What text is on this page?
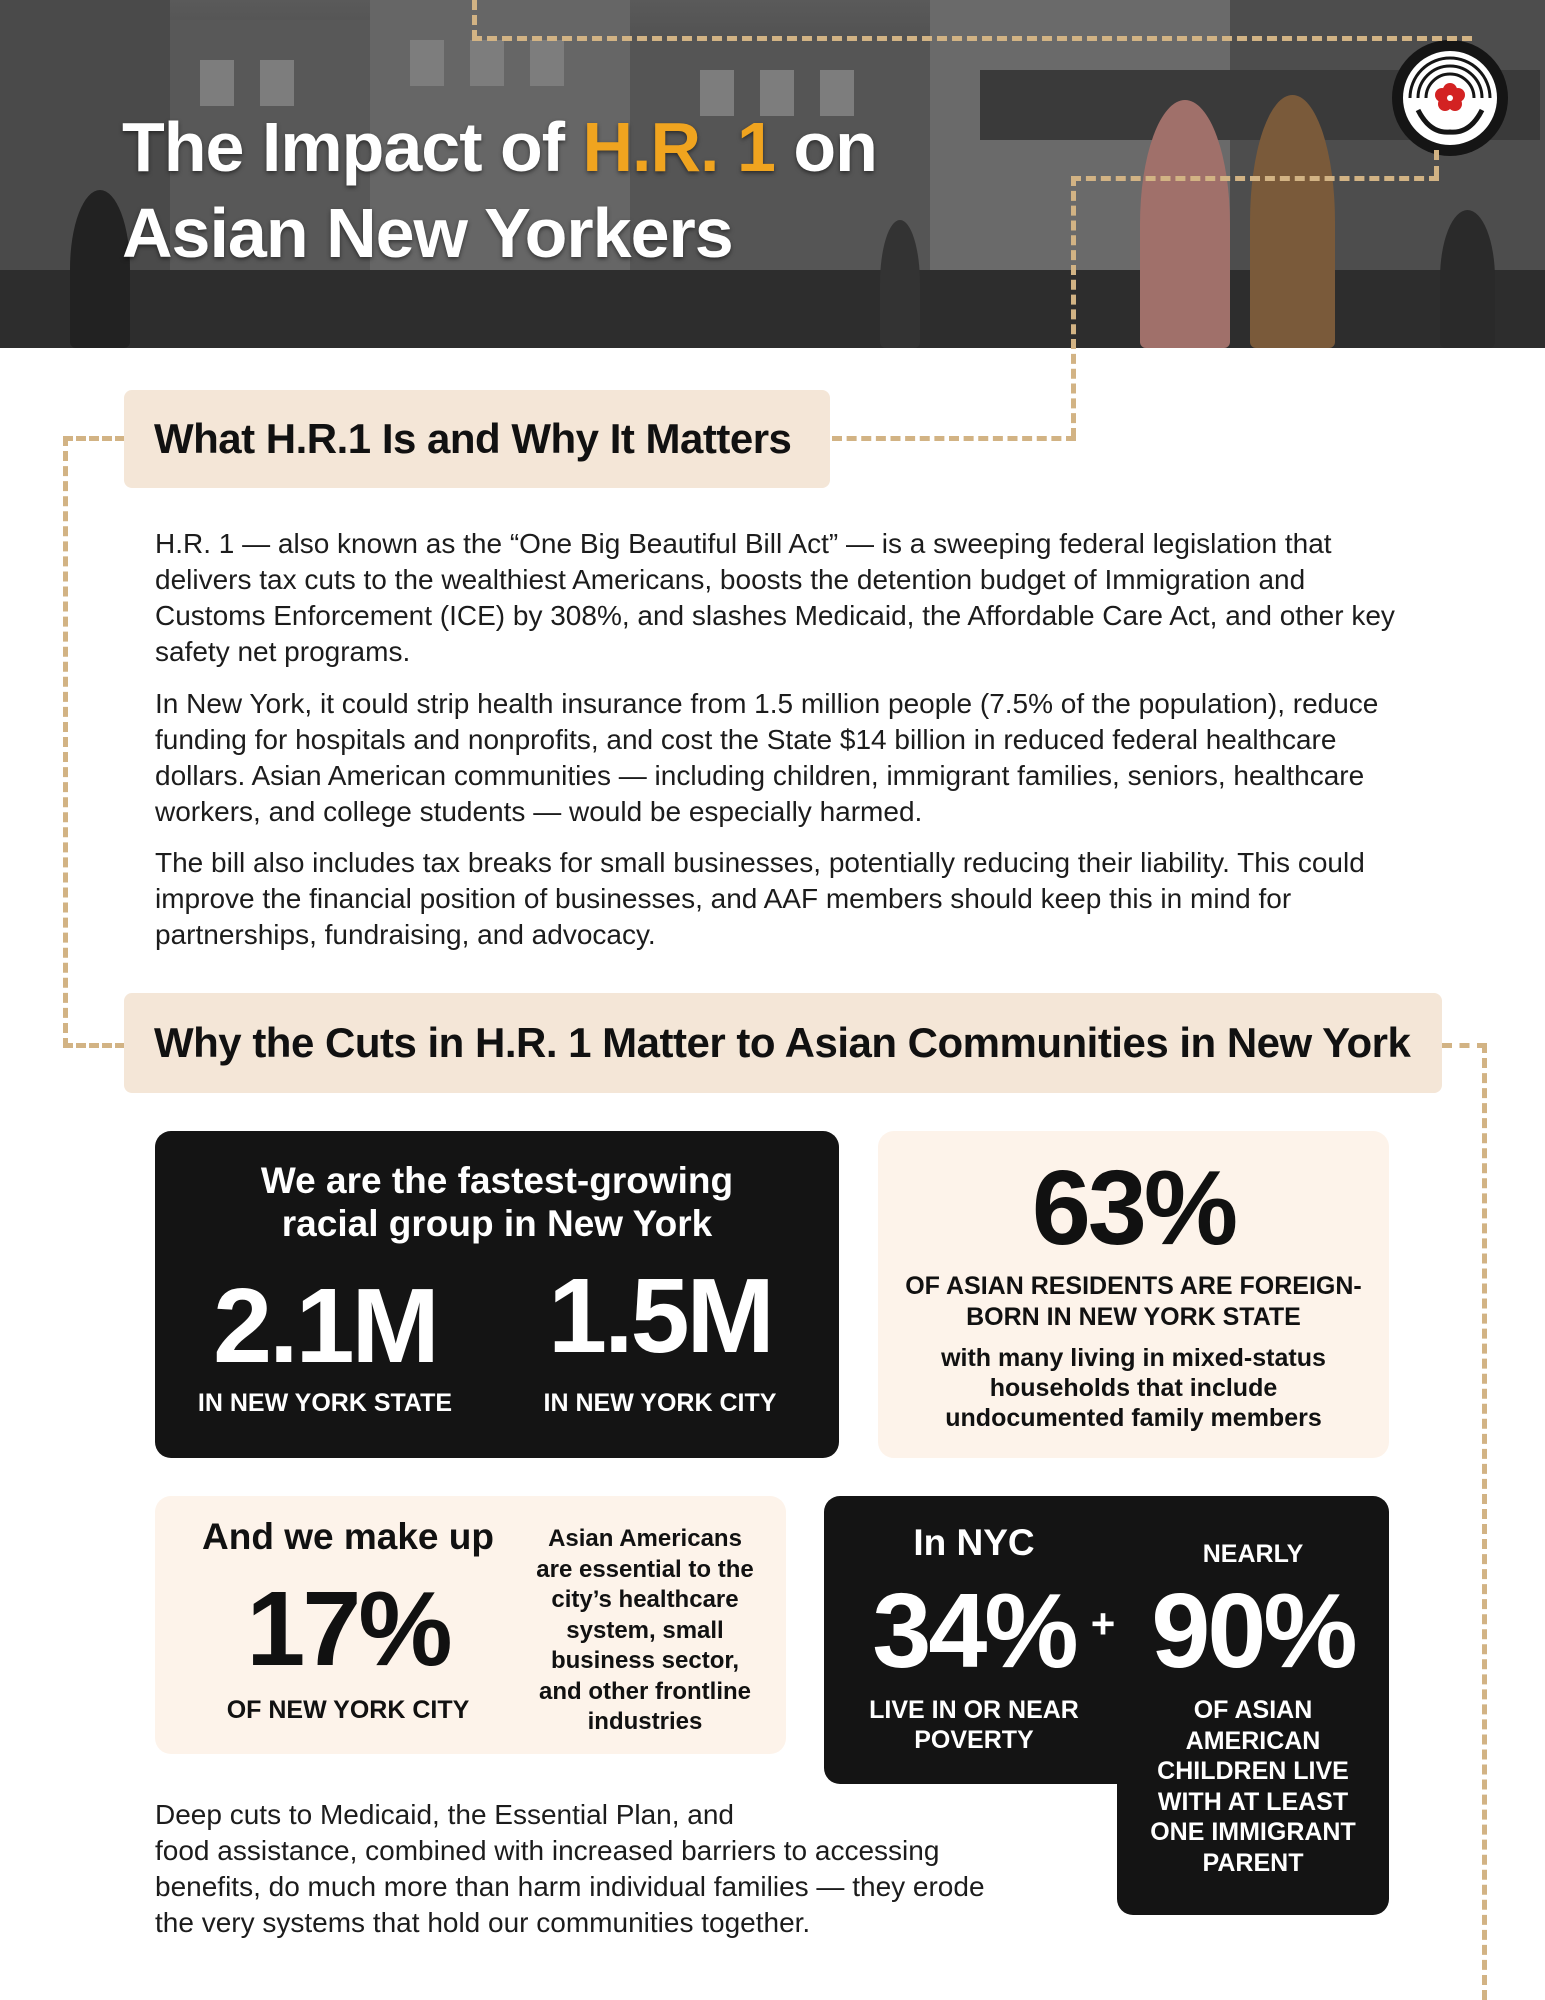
The Impact of H.R. 1 on
Asian New Yorkers
What H.R.1 Is and Why It Matters
H.R. 1 — also known as the “One Big Beautiful Bill Act” — is a sweeping federal legislation that delivers tax cuts to the wealthiest Americans, boosts the detention budget of Immigration and Customs Enforcement (ICE) by 308%, and slashes Medicaid, the Affordable Care Act, and other key safety net programs.
In New York, it could strip health insurance from 1.5 million people (7.5% of the population), reduce funding for hospitals and nonprofits, and cost the State $14 billion in reduced federal healthcare dollars. Asian American communities — including children, immigrant families, seniors, healthcare workers, and college students — would be especially harmed.
The bill also includes tax breaks for small businesses, potentially reducing their liability. This could improve the financial position of businesses, and AAF members should keep this in mind for partnerships, fundraising, and advocacy.
Why the Cuts in H.R. 1 Matter to Asian Communities in New York
We are the fastest-growing
racial group in New York
2.1M	1.5M
IN NEW YORK STATE	IN NEW YORK CITY
63%
OF ASIAN RESIDENTS ARE FOREIGN-
BORN IN NEW YORK STATE
with many living in mixed-status
households that include
undocumented family members
And we make up
17%
OF NEW YORK CITY
Asian Americans
are essential to the
city’s healthcare
system, small
business sector,
and other frontline
industries
In NYC
34%
LIVE IN OR NEAR
POVERTY
+
NEARLY
90%
OF ASIAN
AMERICAN
CHILDREN LIVE
WITH AT LEAST
ONE IMMIGRANT
PARENT
Deep cuts to Medicaid, the Essential Plan, and
food assistance, combined with increased barriers to accessing
benefits, do much more than harm individual families — they erode
the very systems that hold our communities together.
